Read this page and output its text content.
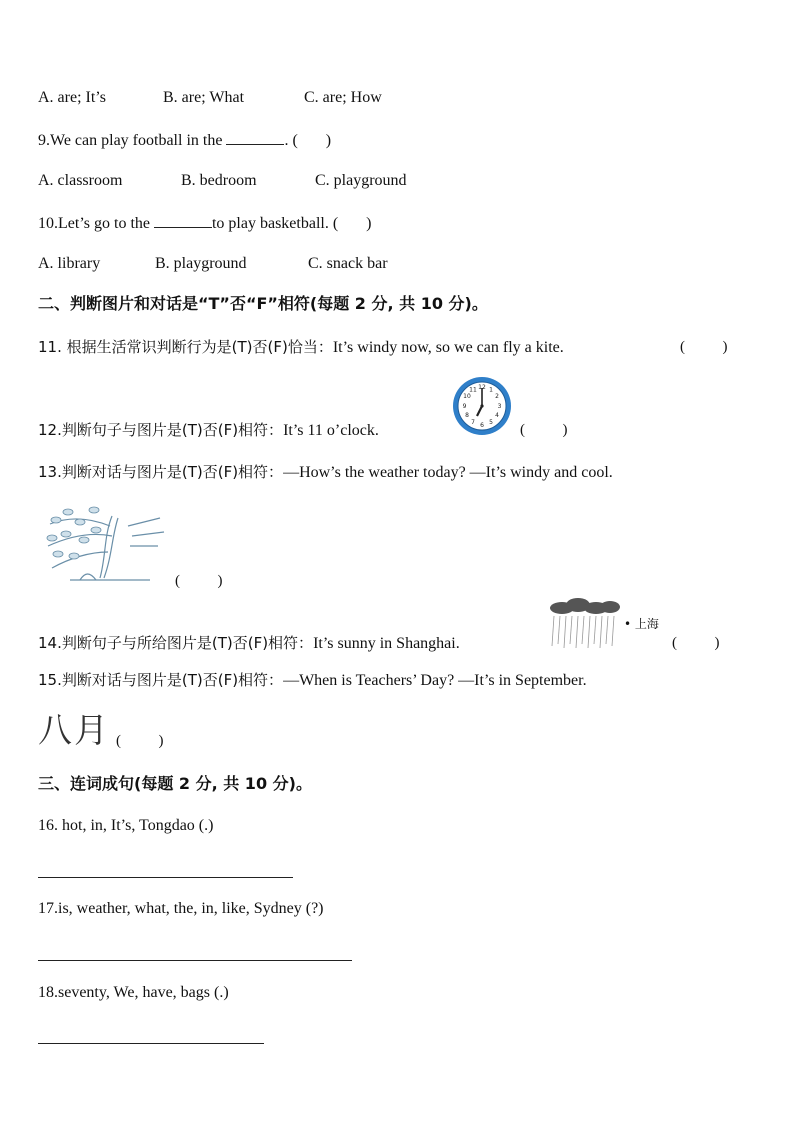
A. are; It’s	B. are; What	C. are; How
9.We can play football in the	. ( )
A. classroom	B. bedroom	C. playground
10.Let’s go to the	to play basketball. ( )
A. library	B. playground	C. snack bar
二、判断图片和对话是“T”否“F”相符(每题 2 分, 共 10 分)。
11. 根据生活常识判断行为是(T)否(F)恰当：It’s windy now, so we can fly a kite.	(          )
12.判断句子与图片是(T)否(F)相符：It’s 11 o’clock.
12 1
2
3
4
5
6
7
8
9
10
11
(          )
13.判断对话与图片是(T)否(F)相符：—How’s the weather today? —It’s windy and cool.
(          )
14.判断句子与所给图片是(T)否(F)相符：It’s sunny in Shanghai.
• 上海
(          )
15.判断对话与图片是(T)否(F)相符：—When is Teachers’ Day? —It’s in September.
八月 (          )
三、连词成句(每题 2 分, 共 10 分)。
16. hot, in, It’s, Tongdao (.)
17.is, weather, what, the, in, like, Sydney (?)
18.seventy, We, have, bags (.)
